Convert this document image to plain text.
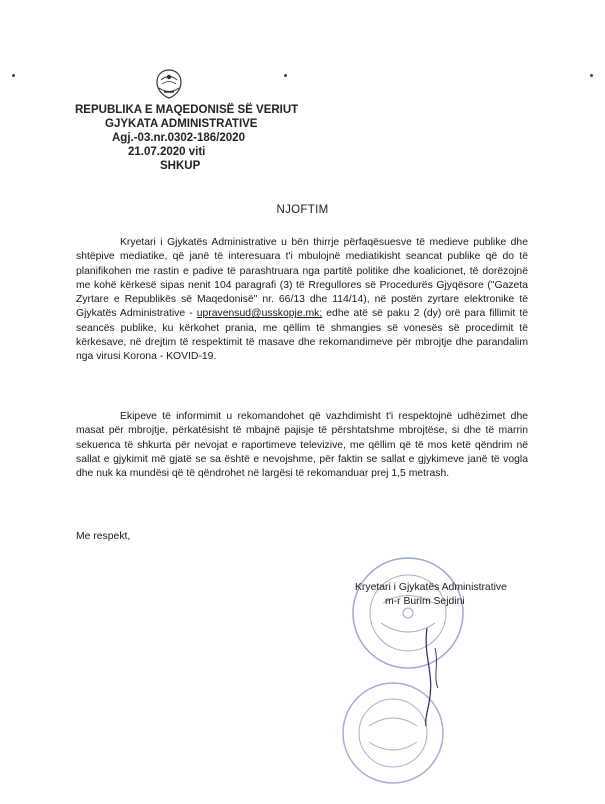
REPUBLIKA E MAQEDONISË SË VERIUT
GJYKATA ADMINISTRATIVE
Agj.-03.nr.0302-186/2020
21.07.2020 viti
SHKUP
NJOFTIM
Kryetari i Gjykatës Administrative u bën thirrje përfaqësuesve të medieve publike dhe shtëpive mediatike, që janë të interesuara t'i mbulojnë mediatikisht seancat publike që do të planifikohen me rastin e padive të parashtruara nga partitë politike dhe koalicionet, të dorëzojnë me kohë kërkesë sipas nenit 104 paragrafi (3) të Rregullores së Procedurës Gjyqësore ("Gazeta Zyrtare e Republikës së Maqedonisë" nr. 66/13 dhe 114/14), në postën zyrtare elektronike të Gjykatës Administrative - upravensud@usskopje.mk; edhe atë së paku 2 (dy) orë para fillimit të seancës publike, ku kërkohet prania, me qëllim të shmangies së vonesës së procedimit të kërkesave, në drejtim të respektimit të masave dhe rekomandimeve për mbrojtje dhe parandalim nga virusi Korona - KOVID-19.
Ekipeve të informimit u rekomandohet që vazhdimisht t'i respektojnë udhëzimet dhe masat për mbrojtje, përkatësisht të mbajnë pajisje të përshtatshme mbrojtëse, si dhe të marrin sekuenca të shkurta për nevojat e raportimeve televizive, me qëllim që të mos ketë qëndrim në sallat e gjykimit më gjatë se sa është e nevojshme, për faktin se sallat e gjykimeve janë të vogla dhe nuk ka mundësi që të qëndrohet në largësi të rekomanduar prej 1,5 metrash.
Me respekt,
Kryetari i Gjykatës Administrative
m-r Burim Sejdini
